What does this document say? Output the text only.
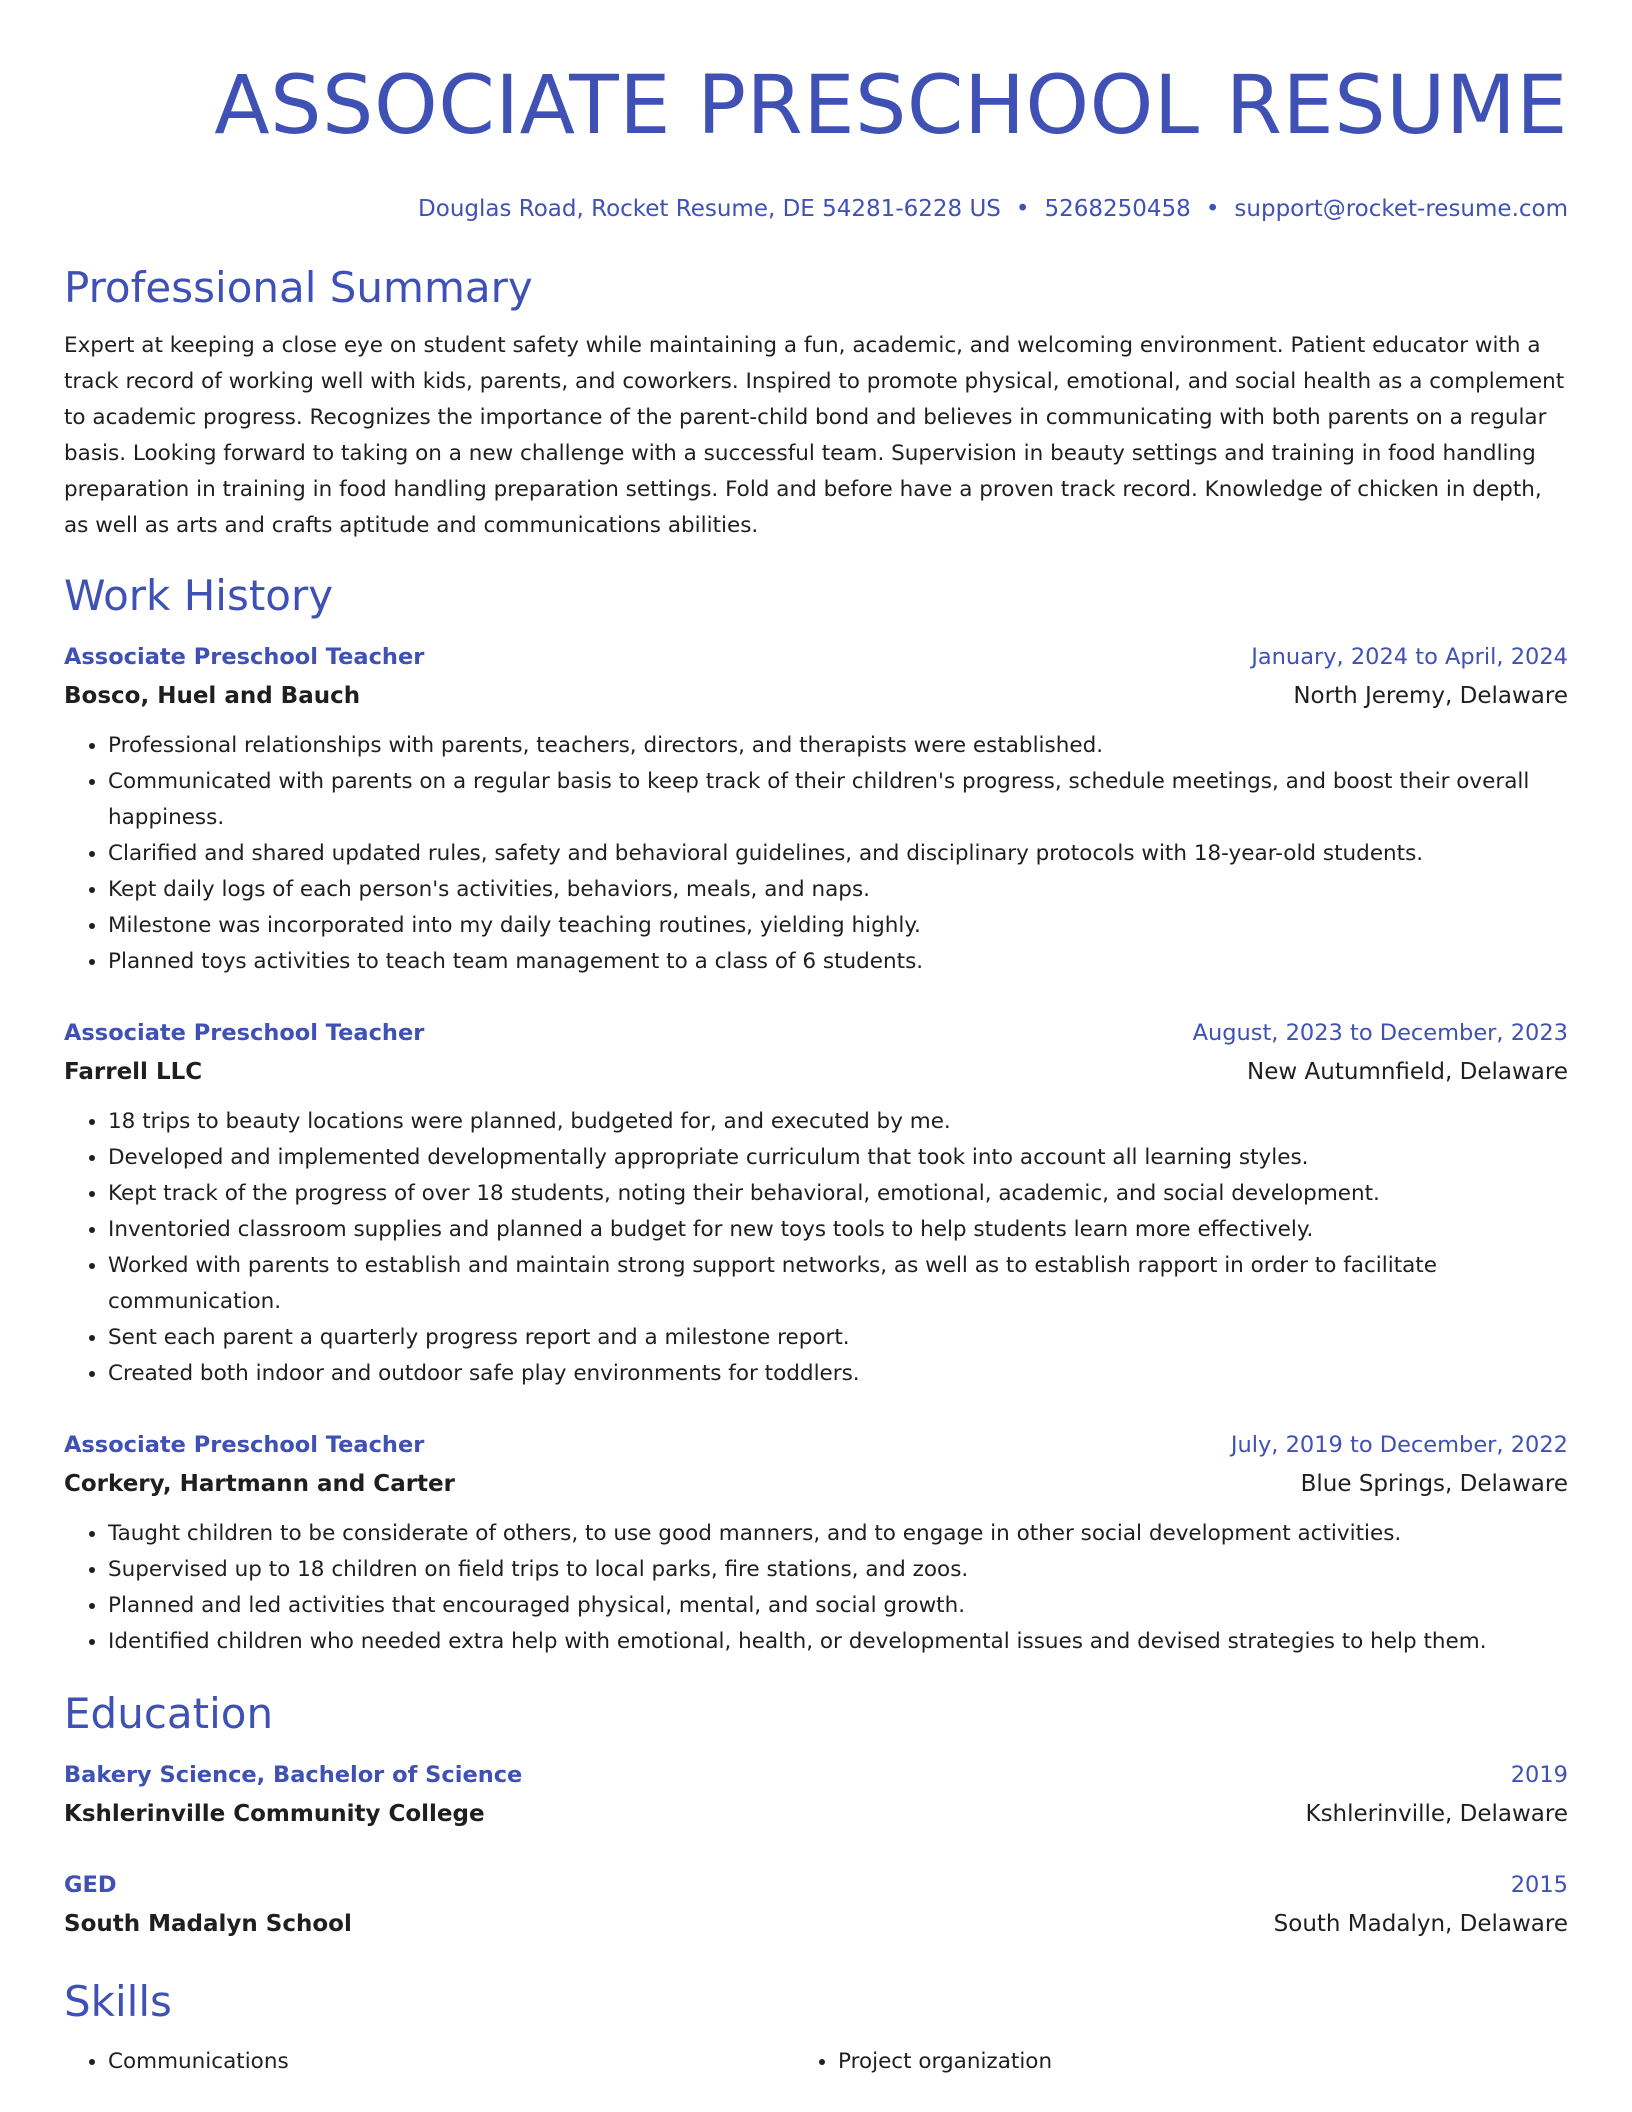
ASSOCIATE PRESCHOOL RESUME
Douglas Road, Rocket Resume, DE 54281-6228 US • 5268250458 • support@rocket-resume.com
Professional Summary

Expert at keeping a close eye on student safety while maintaining a fun, academic, and welcoming environment. Patient educator with a track record of working well with kids, parents, and coworkers. Inspired to promote physical, emotional, and social health as a complement to academic progress. Recognizes the importance of the parent-child bond and believes in communicating with both parents on a regular basis. Looking forward to taking on a new challenge with a successful team. Supervision in beauty settings and training in food handling preparation in training in food handling preparation settings. Fold and before have a proven track record. Knowledge of chicken in depth, as well as arts and crafts aptitude and communications abilities.

Work History
Associate Preschool Teacher	January, 2024 to April, 2024
Bosco, Huel and Bauch	North Jeremy, Delaware
• Professional relationships with parents, teachers, directors, and therapists were established.
• Communicated with parents on a regular basis to keep track of their children's progress, schedule meetings, and boost their overall happiness.
• Clarified and shared updated rules, safety and behavioral guidelines, and disciplinary protocols with 18-year-old students.
• Kept daily logs of each person's activities, behaviors, meals, and naps.
• Milestone was incorporated into my daily teaching routines, yielding highly.
• Planned toys activities to teach team management to a class of 6 students.
Associate Preschool Teacher	August, 2023 to December, 2023
Farrell LLC	New Autumnfield, Delaware
• 18 trips to beauty locations were planned, budgeted for, and executed by me.
• Developed and implemented developmentally appropriate curriculum that took into account all learning styles.
• Kept track of the progress of over 18 students, noting their behavioral, emotional, academic, and social development.
• Inventoried classroom supplies and planned a budget for new toys tools to help students learn more effectively.
• Worked with parents to establish and maintain strong support networks, as well as to establish rapport in order to facilitate communication.
• Sent each parent a quarterly progress report and a milestone report.
• Created both indoor and outdoor safe play environments for toddlers.
Associate Preschool Teacher	July, 2019 to December, 2022
Corkery, Hartmann and Carter	Blue Springs, Delaware
• Taught children to be considerate of others, to use good manners, and to engage in other social development activities.
• Supervised up to 18 children on field trips to local parks, fire stations, and zoos.
• Planned and led activities that encouraged physical, mental, and social growth.
• Identified children who needed extra help with emotional, health, or developmental issues and devised strategies to help them.
Education
Bakery Science, Bachelor of Science	2019
Kshlerinville Community College	Kshlerinville, Delaware
GED	2015
South Madalyn School	South Madalyn, Delaware
Skills
• Communications
•	Project organization
